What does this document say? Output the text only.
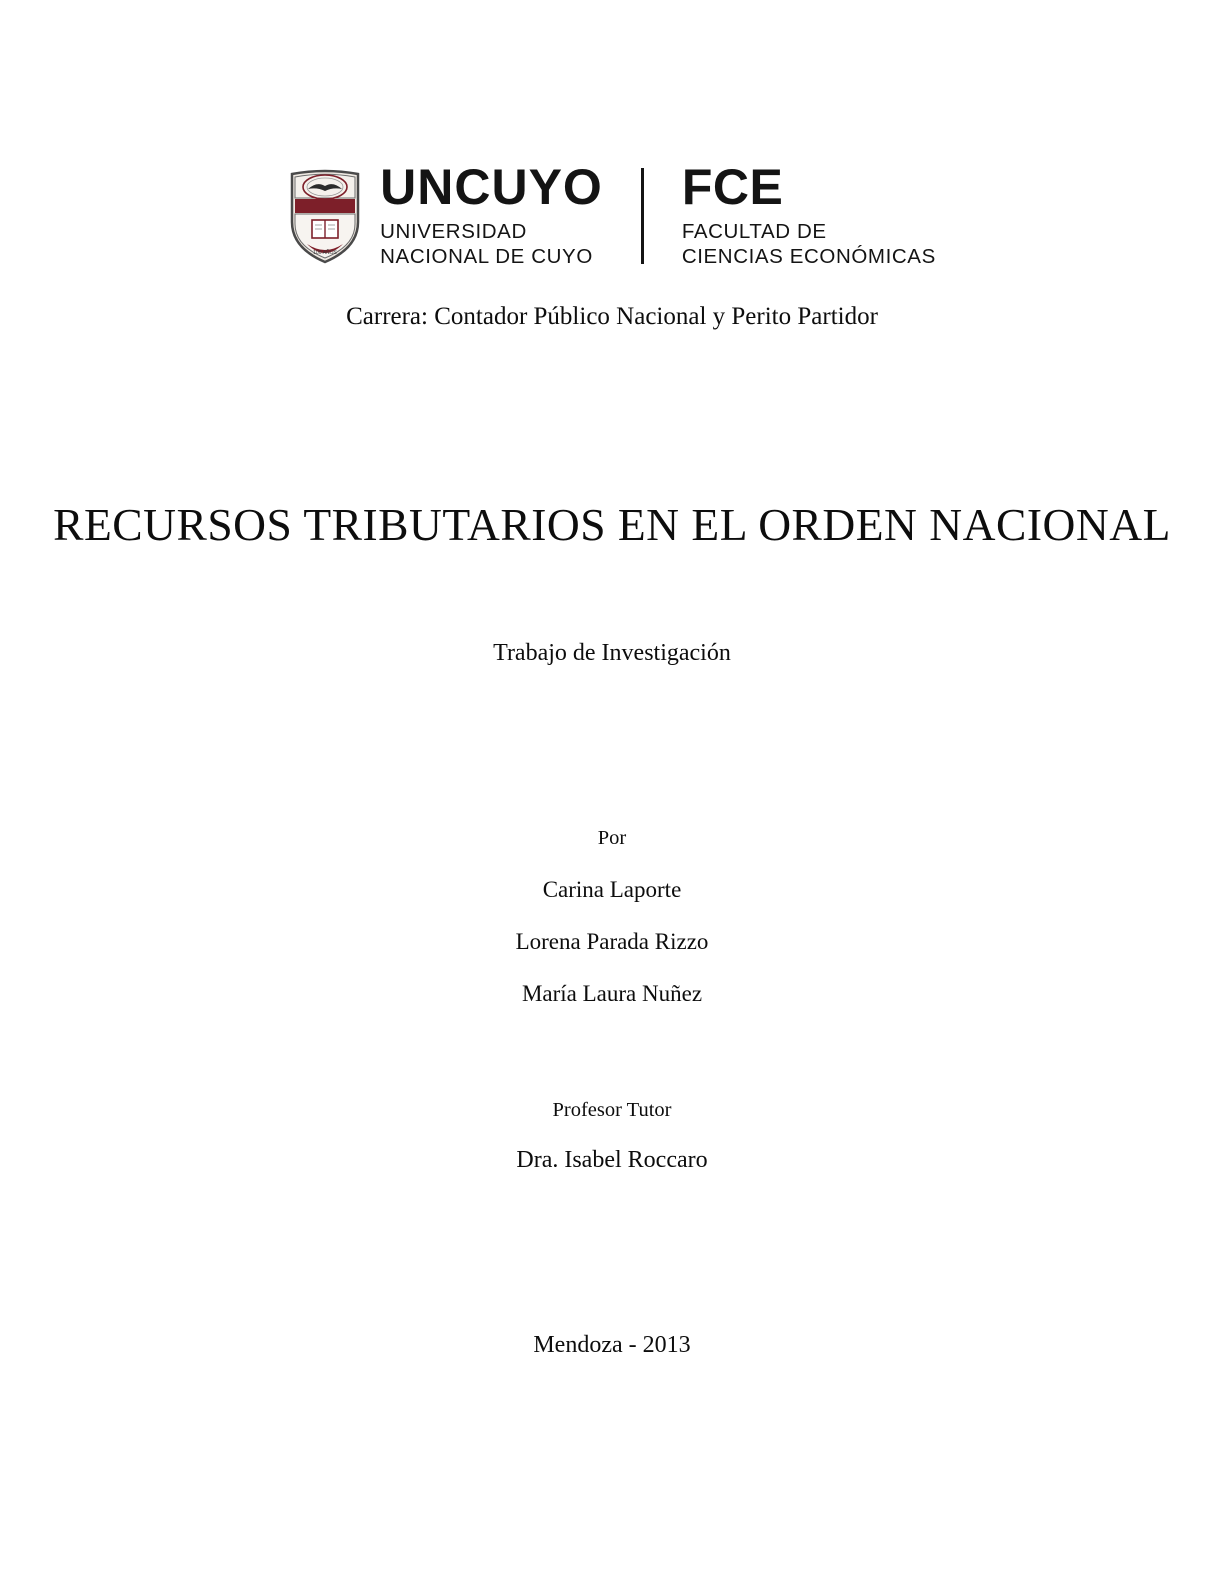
100 AÑOS
UNCUYO
UNIVERSIDAD
NACIONAL DE CUYO
FCE
FACULTAD DE
CIENCIAS ECONÓMICAS
Carrera: Contador Público Nacional y Perito Partidor
RECURSOS TRIBUTARIOS EN EL ORDEN NACIONAL
Trabajo de Investigación
Por
Carina Laporte
Lorena Parada Rizzo
María Laura Nuñez
Profesor Tutor
Dra. Isabel Roccaro
Mendoza - 2013
